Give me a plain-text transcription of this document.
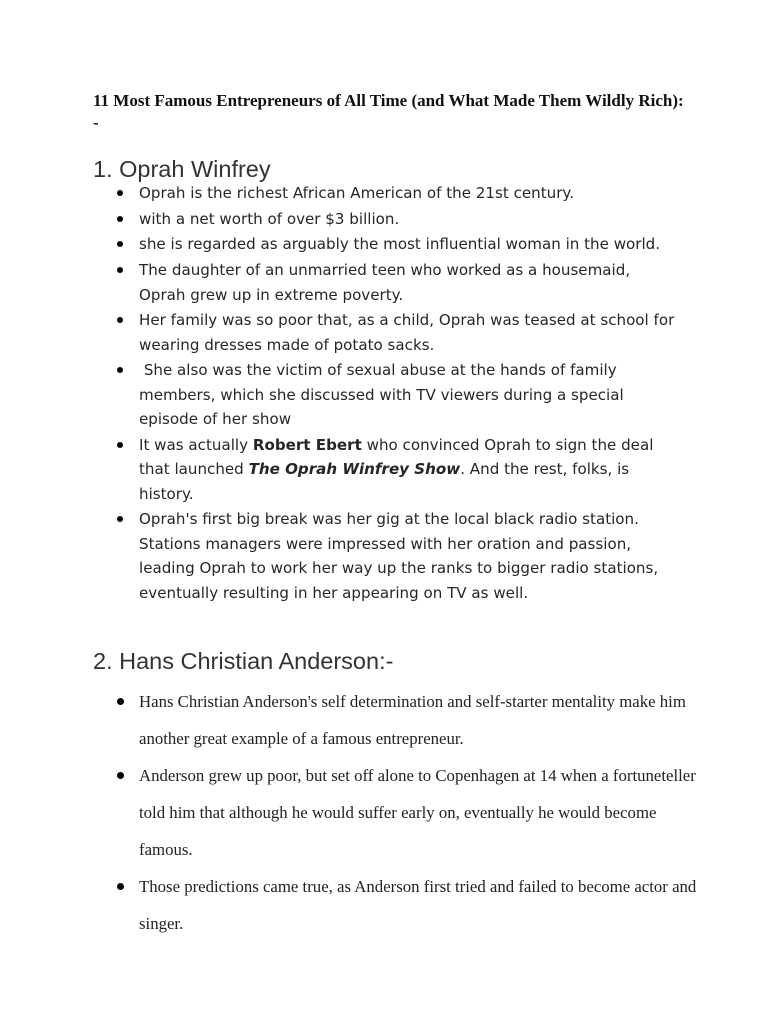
11 Most Famous Entrepreneurs of All Time (and What Made Them Wildly Rich): -
1. Oprah Winfrey
Oprah is the richest African American of the 21st century.
with a net worth of over $3 billion.
she is regarded as arguably the most influential woman in the world.
The daughter of an unmarried teen who worked as a housemaid, Oprah grew up in extreme poverty.
Her family was so poor that, as a child, Oprah was teased at school for wearing dresses made of potato sacks.
She also was the victim of sexual abuse at the hands of family members, which she discussed with TV viewers during a special episode of her show
It was actually Robert Ebert who convinced Oprah to sign the deal that launched The Oprah Winfrey Show. And the rest, folks, is history.
Oprah's first big break was her gig at the local black radio station. Stations managers were impressed with her oration and passion, leading Oprah to work her way up the ranks to bigger radio stations, eventually resulting in her appearing on TV as well.
2. Hans Christian Anderson:-
Hans Christian Anderson's self determination and self-starter mentality make him another great example of a famous entrepreneur.
Anderson grew up poor, but set off alone to Copenhagen at 14 when a fortuneteller told him that although he would suffer early on, eventually he would become famous.
Those predictions came true, as Anderson first tried and failed to become actor and singer.
